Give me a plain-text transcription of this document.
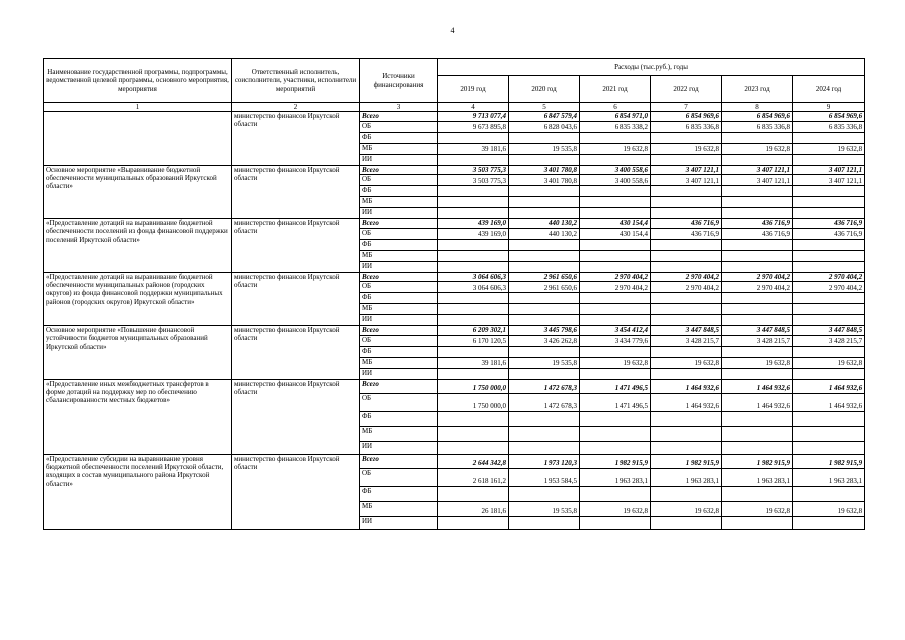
4
Наименование государственной программы, подпрограммы, ведомственной целевой программы, основного мероприятия, мероприятия	Ответственный исполнитель, соисполнители, участники, исполнители мероприятий	Источники финансирования	Расходы (тыс.руб.), годы					
			2019 год	2020 год	2021 год	2022 год	2023 год	2024 год
1	2	3	4	5	6	7	8	9
	министерство финансов Иркутской области	Всего	9 713 077,4	6 847 579,4	6 854 971,0	6 854 969,6	6 854 969,6	6 854 969,6
		ОБ	9 673 895,8	6 828 043,6	6 835 338,2	6 835 336,8	6 835 336,8	6 835 336,8
		ФБ						
		МБ	39 181,6	19 535,8	19 632,8	19 632,8	19 632,8	19 632,8
		ИИ						
Основное мероприятие «Выравнивание бюджетной обеспеченности муниципальных образований Иркутской области»	министерство финансов Иркутской области	Всего	3 503 775,3	3 401 780,8	3 400 558,6	3 407 121,1	3 407 121,1	3 407 121,1
		ОБ	3 503 775,3	3 401 780,8	3 400 558,6	3 407 121,1	3 407 121,1	3 407 121,1
		ФБ						
		МБ						
		ИИ						
«Предоставление дотаций на выравнивание бюджетной обеспеченности поселений из фонда финансовой поддержки поселений Иркутской области»	министерство финансов Иркутской области	Всего	439 169,0	440 130,2	430 154,4	436 716,9	436 716,9	436 716,9
		ОБ	439 169,0	440 130,2	430 154,4	436 716,9	436 716,9	436 716,9
		ФБ						
		МБ						
		ИИ						
«Предоставление дотаций на выравнивание бюджетной обеспеченности муниципальных районов (городских округов) из фонда финансовой поддержки муниципальных районов (городских округов) Иркутской области»	министерство финансов Иркутской области	Всего	3 064 606,3	2 961 650,6	2 970 404,2	2 970 404,2	2 970 404,2	2 970 404,2
		ОБ	3 064 606,3	2 961 650,6	2 970 404,2	2 970 404,2	2 970 404,2	2 970 404,2
		ФБ						
		МБ						
		ИИ						
Основное мероприятие «Повышение финансовой устойчивости бюджетов муниципальных образований Иркутской области»	министерство финансов Иркутской области	Всего	6 209 302,1	3 445 798,6	3 454 412,4	3 447 848,5	3 447 848,5	3 447 848,5
		ОБ	6 170 120,5	3 426 262,8	3 434 779,6	3 428 215,7	3 428 215,7	3 428 215,7
		ФБ						
		МБ	39 181,6	19 535,8	19 632,8	19 632,8	19 632,8	19 632,8
		ИИ						
«Предоставление иных межбюджетных трансфертов в форме дотаций на поддержку мер по обеспечению сбалансированности местных бюджетов»	министерство финансов Иркутской области	Всего	1 750 000,0	1 472 678,3	1 471 496,5	1 464 932,6	1 464 932,6	1 464 932,6
		ОБ	1 750 000,0	1 472 678,3	1 471 496,5	1 464 932,6	1 464 932,6	1 464 932,6
		ФБ						
		МБ						
		ИИ						
«Предоставление субсидии на выравнивание уровня бюджетной обеспеченности поселений Иркутской области, входящих в состав муниципального района Иркутской области»	министерство финансов Иркутской области	Всего	2 644 342,8	1 973 120,3	1 982 915,9	1 982 915,9	1 982 915,9	1 982 915,9
		ОБ	2 618 161,2	1 953 584,5	1 963 283,1	1 963 283,1	1 963 283,1	1 963 283,1
		ФБ						
		МБ	26 181,6	19 535,8	19 632,8	19 632,8	19 632,8	19 632,8
		ИИ						
